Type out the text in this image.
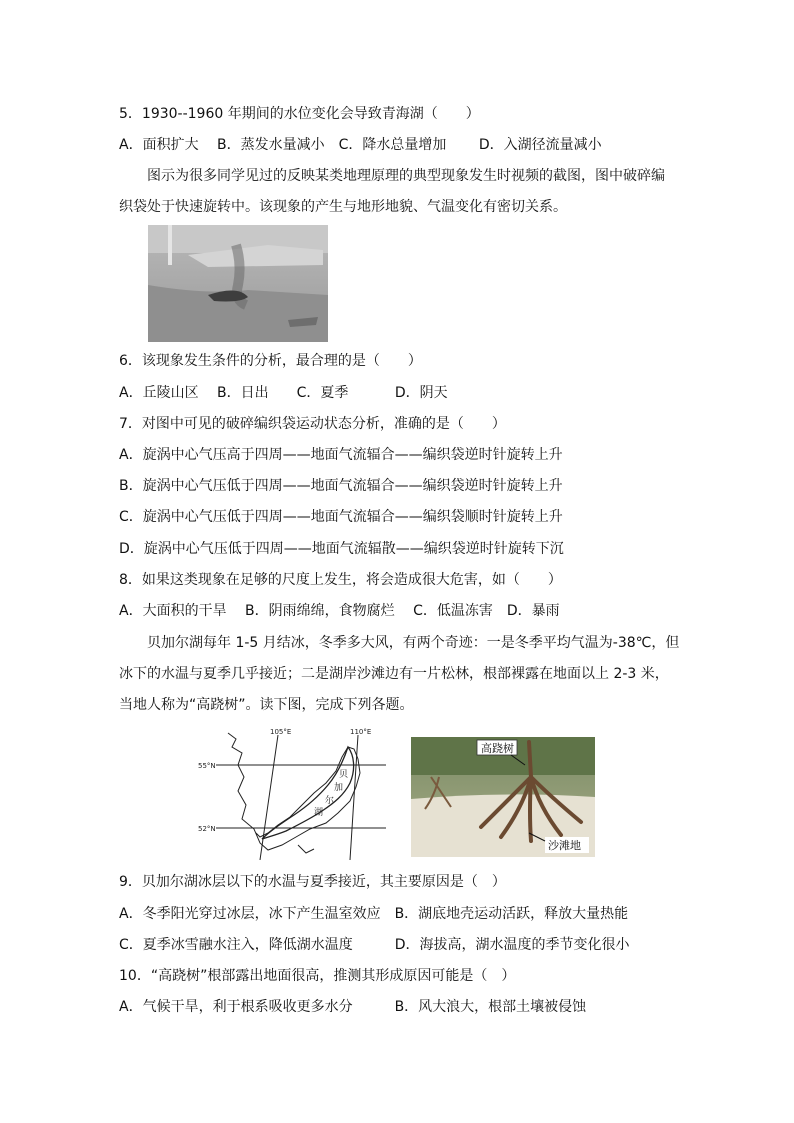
5．1930--1960 年期间的水位变化会导致青海湖（　　）
A．面积扩大　 B．蒸发水量减小　C．降水总量增加　　 D．入湖径流量减小
　　图示为很多同学见过的反映某类地理原理的典型现象发生时视频的截图，图中破碎编
织袋处于快速旋转中。该现象的产生与地形地貌、气温变化有密切关系。
6．该现象发生条件的分析，最合理的是（　　）
A．丘陵山区　 B．日出　　C．夏季　　　 D．阴天
7．对图中可见的破碎编织袋运动状态分析，准确的是（　　）
A．旋涡中心气压高于四周——地面气流辐合——编织袋逆时针旋转上升
B．旋涡中心气压低于四周——地面气流辐合——编织袋逆时针旋转上升
C．旋涡中心气压低于四周——地面气流辐合——编织袋顺时针旋转上升
D．旋涡中心气压低于四周——地面气流辐散——编织袋逆时针旋转下沉
8．如果这类现象在足够的尺度上发生，将会造成很大危害，如（　　）
A．大面积的干旱　 B．阴雨绵绵，食物腐烂　 C．低温冻害　D．暴雨
　　贝加尔湖每年 1-5 月结冰，冬季多大风，有两个奇迹：一是冬季平均气温为-38℃，但
冰下的水温与夏季几乎接近；二是湖岸沙滩边有一片松林，根部裸露在地面以上 2-3 米，
当地人称为“高跷树”。读下图，完成下列各题。
105°E	110°E
55°N
52°N
贝
加
尔
湖
高跷树
沙滩地
9．贝加尔湖冰层以下的水温与夏季接近，其主要原因是（　）
A．冬季阳光穿过冰层，冰下产生温室效应　B．湖底地壳运动活跃，释放大量热能
C．夏季冰雪融水注入，降低湖水温度　　　D．海拔高，湖水温度的季节变化很小
10．“高跷树”根部露出地面很高，推测其形成原因可能是（　）
A．气候干旱，利于根系吸收更多水分　　　B．风大浪大，根部土壤被侵蚀
